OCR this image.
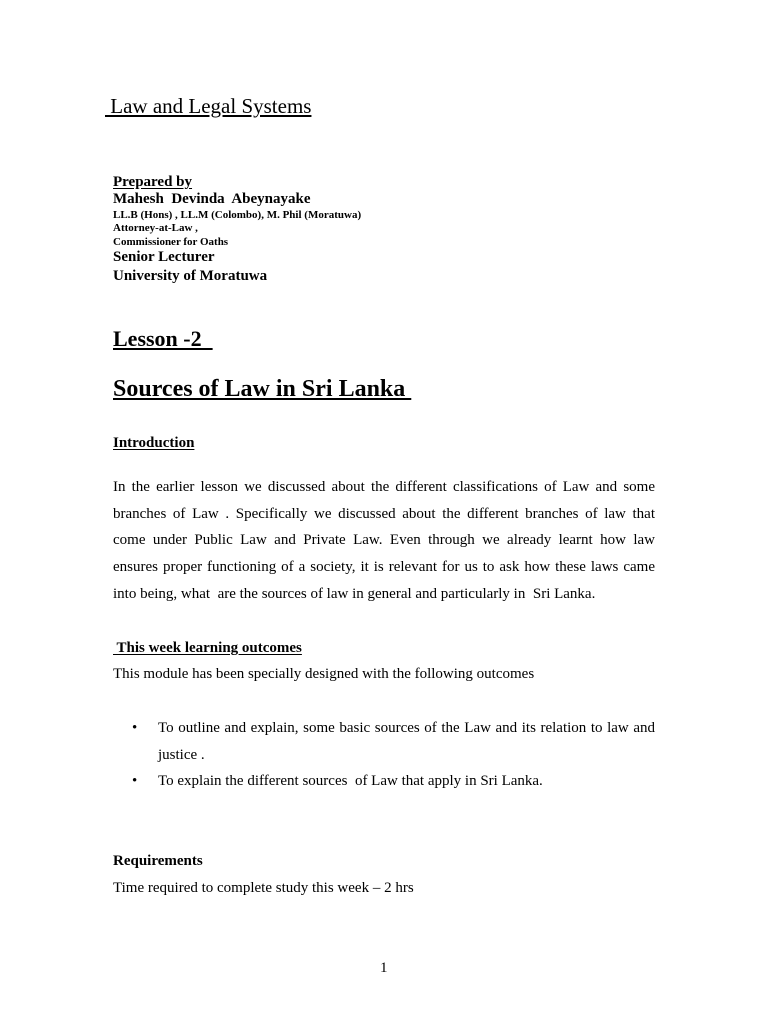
Law and Legal Systems
Prepared by
Mahesh  Devinda  Abeynayake
LL.B (Hons) , LL.M (Colombo), M. Phil (Moratuwa)
Attorney-at-Law ,
Commissioner for Oaths
Senior Lecturer
University of Moratuwa
Lesson -2
Sources of Law in Sri Lanka
Introduction
In the earlier lesson we discussed about the different classifications of Law and some
branches of Law . Specifically we discussed about the different branches of law that
come under Public Law and Private Law. Even through we already learnt how law
ensures proper functioning of a society, it is relevant for us to ask how these laws came
into being, what  are the sources of law in general and particularly in  Sri Lanka.
This week learning outcomes
This module has been specially designed with the following outcomes
• To outline and explain, some basic sources of the Law and its relation to law and
justice .
• To explain the different sources  of Law that apply in Sri Lanka.
Requirements
Time required to complete study this week – 2 hrs
1
